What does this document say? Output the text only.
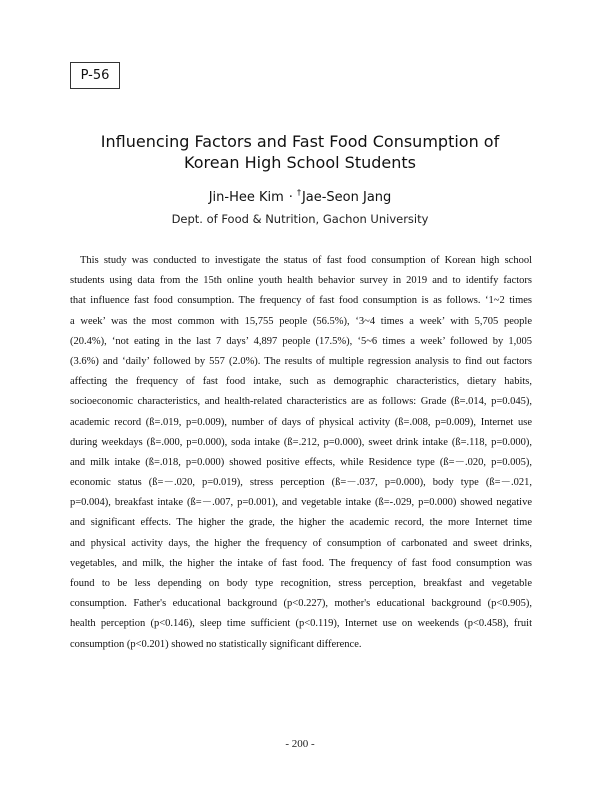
P-56
Influencing Factors and Fast Food Consumption of
Korean High School Students
Jin-Hee Kim · †Jae-Seon Jang
Dept. of Food & Nutrition, Gachon University
This study was conducted to investigate the status of fast food consumption of Korean high school
students using data from the 15th online youth health behavior survey in 2019 and to identify factors
that influence fast food consumption. The frequency of fast food consumption is as follows. ‘1~2 times
a week’ was the most common with 15,755 people (56.5%), ‘3~4 times a week’ with 5,705 people
(20.4%), ‘not eating in the last 7 days’ 4,897 people (17.5%), ‘5~6 times a week’ followed by 1,005
(3.6%) and ‘daily’ followed by 557 (2.0%). The results of multiple regression analysis to find out factors
affecting the frequency of fast food intake, such as demographic characteristics, dietary habits,
socioeconomic characteristics, and health-related characteristics are as follows: Grade (ß=.014, p=0.045),
academic record (ß=.019, p=0.009), number of days of physical activity (ß=.008, p=0.009), Internet use
during weekdays (ß=.000, p=0.000), soda intake (ß=.212, p=0.000), sweet drink intake (ß=.118, p=0.000),
and milk intake (ß=.018, p=0.000) showed positive effects, while Residence type (ß=－.020, p=0.005),
economic status (ß=－.020, p=0.019), stress perception (ß=－.037, p=0.000), body type (ß=－.021,
p=0.004), breakfast intake (ß=－.007, p=0.001), and vegetable intake (ß=-.029, p=0.000) showed negative
and significant effects. The higher the grade, the higher the academic record, the more Internet time
and physical activity days, the higher the frequency of consumption of carbonated and sweet drinks,
vegetables, and milk, the higher the intake of fast food. The frequency of fast food consumption was
found to be less depending on body type recognition, stress perception, breakfast and vegetable
consumption. Father's educational background (p<0.227), mother's educational background (p<0.905),
health perception (p<0.146), sleep time sufficient (p<0.119), Internet use on weekends (p<0.458), fruit
consumption (p<0.201) showed no statistically significant difference.
- 200 -
